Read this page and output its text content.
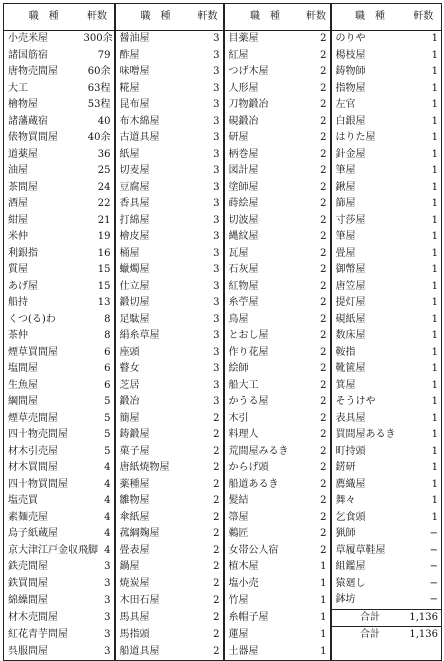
職　種	軒数	職　種	軒数	職　種	軒数	職　種	軒数
小売米屋	300余	醤油屋	3	目薬屋	2	のりや	1
諸国筋宿	79	酢屋	3	紅屋	2	楊枝屋	1
唐物売間屋	60余	味噌屋	3	つげ木屋	2	鋳物師	1
大工	63程	糀屋	3	人形屋	2	指物屋	1
檜物屋	53程	昆布屋	3	刀物鍛冶	2	左官	1
諸藩蔵宿	40	布木綿屋	3	硯鍛冶	2	白銀屋	1
俵物買間屋	40余	古道具屋	3	研屋	2	はりた屋	1
道薬屋	36	紙屋	3	柄巻屋	2	針金屋	1
油屋	25	切麦屋	3	図計屋	2	筆屋	1
茶間屋	24	豆腐屋	3	塗師屋	2	鍬屋	1
酒屋	22	香具屋	3	蒔絵屋	2	篩屋	1
紺屋	21	打綿屋	3	切波屋	2	寸莎屋	1
米仲	19	檜皮屋	3	縄紋屋	2	筆屋	1
利銀指	16	桶屋	3	瓦屋	2	畳屋	1
質屋	15	蠟燭屋	3	石灰屋	2	御幣屋	1
あげ屋	15	仕立屋	3	紅物屋	2	唐笠屋	1
船持	13	鍛切屋	3	糸苧屋	2	提灯屋	1
くつ(る)わ	8	足駄屋	3	鳥屋	2	硯紙屋	1
茶仲	8	絹糸草屋	3	とおし屋	2	数床屋	1
煙草買間屋	6	座頭	3	作り花屋	2	鞍指	1
塩間屋	6	瞽女	3	絵師	2	靴篋屋	1
生魚屋	6	芝居	3	船大工	2	箕屋	1
綱間屋	5	鍛冶	3	かうる屋	2	そうけや	1
煙草売間屋	5	簡屋	2	木引	2	表具屋	1
四十物売間屋	5	鋳鍛屋	2	料理人	2	買間屋あるき	1
材木引売屋	5	菓子屋	2	荒間屋みるき	2	町持頭	1
材木買間屋	4	唐紙焼物屋	2	からげ頭	2	錺研	1
四十物買間屋	4	薬種屋	2	船道あるき	2	薦織屋	1
塩売買	4	雛物屋	2	髪結	2	舞々	1
素麺売屋	4	傘紙屋	2	箒屋	2	乞食頭	1
烏子紙蔵屋	4	菰綱麹屋	2	鵜匠	2	猟師	−
京大津江戸金収飛脚	4	畳表屋	2	女帯公人宿	2	草履草鞋屋	−
鉄売間屋	3	鍋屋	2	植木屋	1	組鑑屋	−
鉄買間屋	3	焼炭屋	2	塩小売	1	猿廻し	−
綿繰間屋	3	木田石屋	2	竹屋	1	鉢坊	−
材木売間屋	3	馬具屋	2	糸帽子屋	1	合計	1,136
紅花青芋問屋	3	馬指頭	2	蓮屋	1	合計	1,136
呉服問屋	3	船道具屋	2	土器屋	1		
